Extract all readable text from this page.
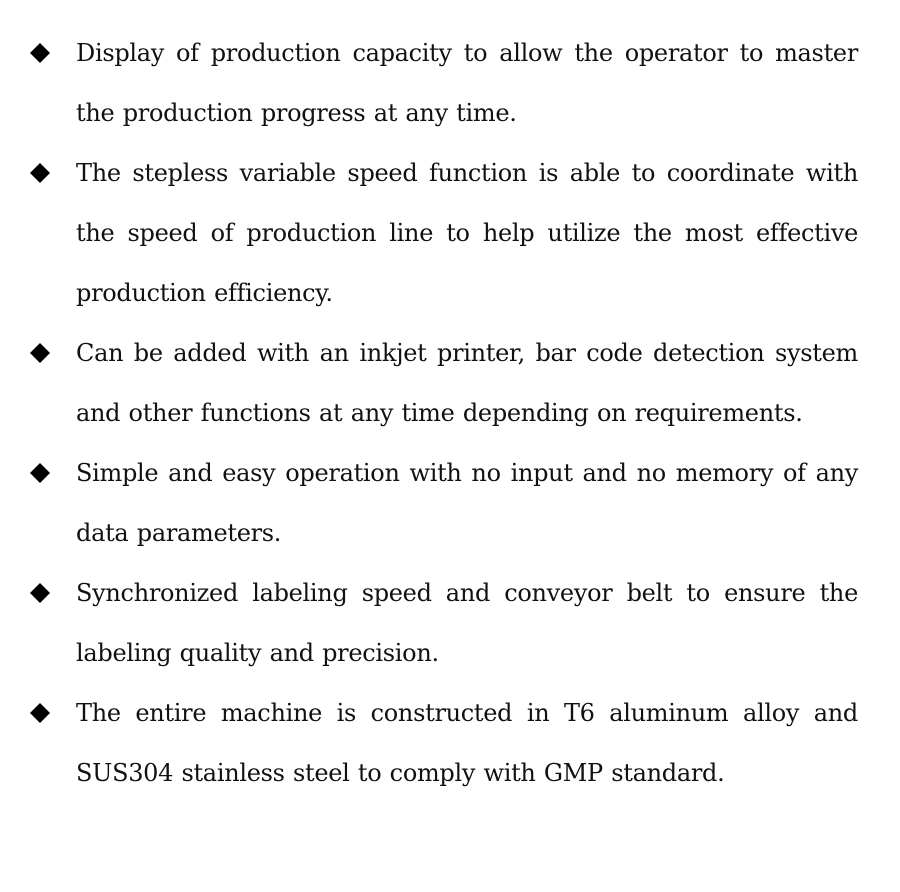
Display of production capacity to allow the operator to master the production progress at any time.
The stepless variable speed function is able to coordinate with the speed of production line to help utilize the most effective production efficiency.
Can be added with an inkjet printer, bar code detection system and other functions at any time depending on requirements.
Simple and easy operation with no input and no memory of any data parameters.
Synchronized labeling speed and conveyor belt to ensure the labeling quality and precision.
The entire machine is constructed in T6 aluminum alloy and SUS304 stainless steel to comply with GMP standard.
